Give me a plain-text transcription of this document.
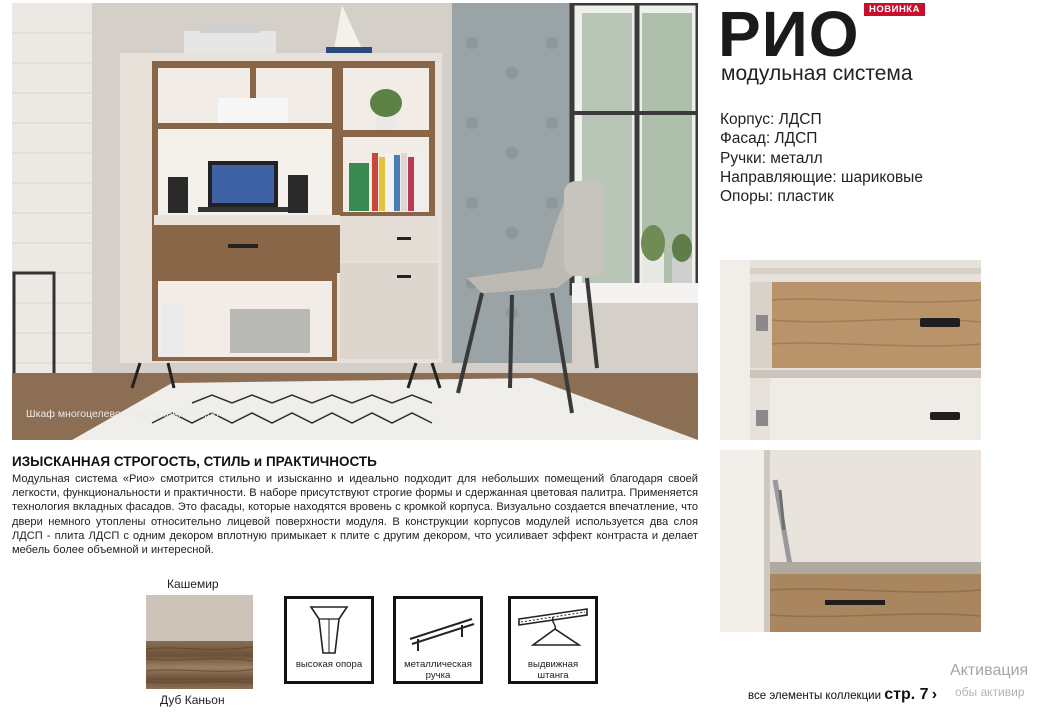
Шкаф многоцелевого назначения 62.06
РИО	НОВИНКА
модульная система
Корпус: ЛДСП
Фасад: ЛДСП
Ручки: металл
Направляющие: шариковые
Опоры: пластик
ИЗЫСКАННАЯ СТРОГОСТЬ, СТИЛЬ и ПРАКТИЧНОСТЬ
Модульная система «Рио» смотрится стильно и изысканно и идеально подходит для небольших помещений благодаря своей легкости, функциональности и практичности. В наборе присутствуют строгие формы и сдержанная цветовая палитра. Применяется технология вкладных фасадов. Это фасады, которые находятся вровень с кромкой корпуса. Визуально создается впечатление, что двери немного утоплены относительно лицевой поверхности модуля. В конструкции корпусов модулей используется два слоя ЛДСП - плита ЛДСП с одним декором вплотную примыкает к плите с другим декором, что усиливает эффект контраста и делает мебель более объемной и интересной.
Кашемир
Дуб Каньон
высокая опора	металлическая ручка
выдвижная штанга
все элементы коллекции стр. 7 ›
Активация
обы активир
